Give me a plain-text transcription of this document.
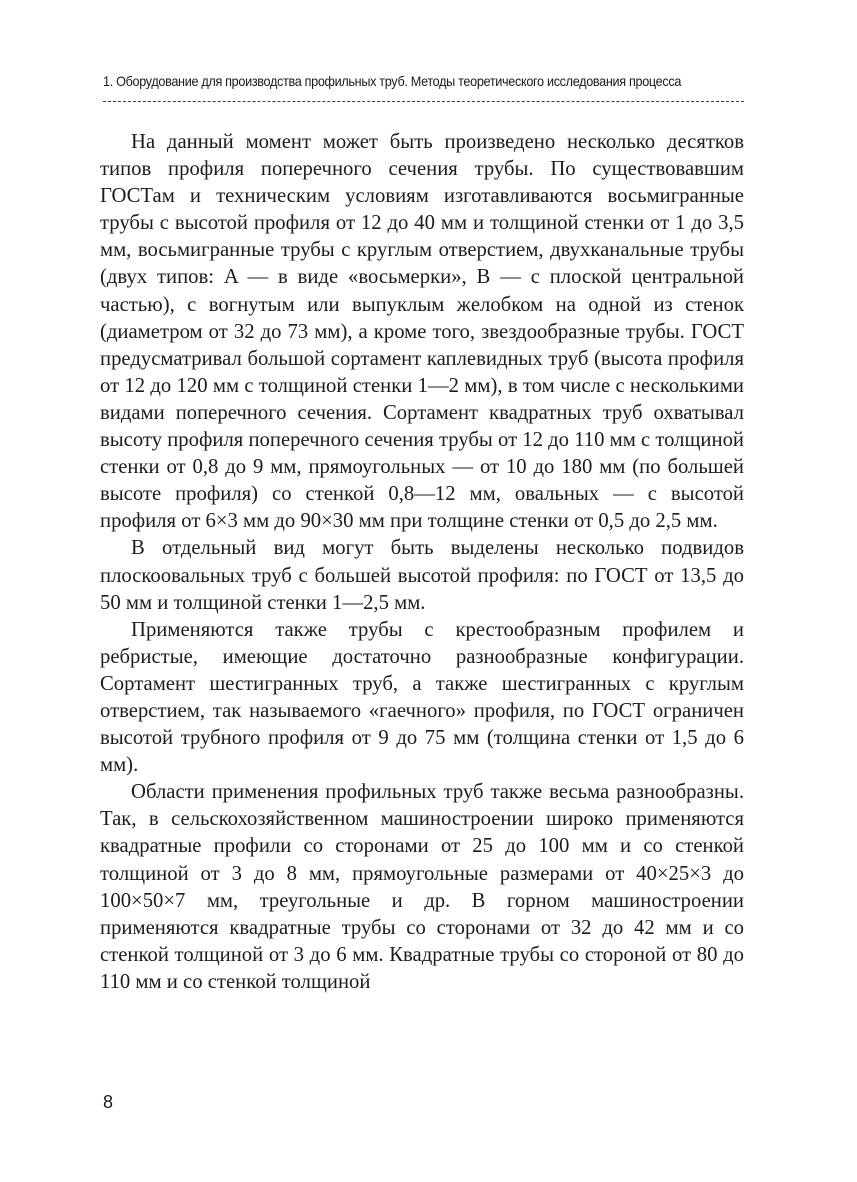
1. Оборудование для производства профильных труб. Методы теоретического исследования процесса

На данный момент может быть произведено несколько десятков типов профиля поперечного сечения трубы. По существовавшим ГОСТам и техническим условиям изготавливаются восьмигранные трубы с высотой профиля от 12 до 40 мм и толщиной стенки от 1 до 3,5 мм, восьмигранные трубы с круглым отверстием, двухканальные трубы (двух типов: A — в виде «восьмерки», B — с плоской центральной частью), с вогнутым или выпуклым желобком на одной из стенок (диаметром от 32 до 73 мм), а кроме того, звездообразные трубы. ГОСТ предусматривал большой сортамент каплевидных труб (высота профиля от 12 до 120 мм с толщиной стенки 1—2 мм), в том числе с несколькими видами поперечного сечения. Сортамент квадратных труб охватывал высоту профиля поперечного сечения трубы от 12 до 110 мм с толщиной стенки от 0,8 до 9 мм, прямоугольных — от 10 до 180 мм (по большей высоте профиля) со стенкой 0,8—12 мм, овальных — с высотой профиля от 6×3 мм до 90×30 мм при толщине стенки от 0,5 до 2,5 мм.

В отдельный вид могут быть выделены несколько подвидов плоскоовальных труб с большей высотой профиля: по ГОСТ от 13,5 до 50 мм и толщиной стенки 1—2,5 мм.

Применяются также трубы с крестообразным профилем и ребристые, имеющие достаточно разнообразные конфигурации. Сортамент шестигранных труб, а также шестигранных с круглым отверстием, так называемого «гаечного» профиля, по ГОСТ ограничен высотой трубного профиля от 9 до 75 мм (толщина стенки от 1,5 до 6 мм).

Области применения профильных труб также весьма разнообразны. Так, в сельскохозяйственном машиностроении широко применяются квадратные профили со сторонами от 25 до 100 мм и со стенкой толщиной от 3 до 8 мм, прямоугольные размерами от 40×25×3 до 100×50×7 мм, треугольные и др. В горном машиностроении применяются квадратные трубы со сторонами от 32 до 42 мм и со стенкой толщиной от 3 до 6 мм. Квадратные трубы со стороной от 80 до 110 мм и со стенкой толщиной

8
